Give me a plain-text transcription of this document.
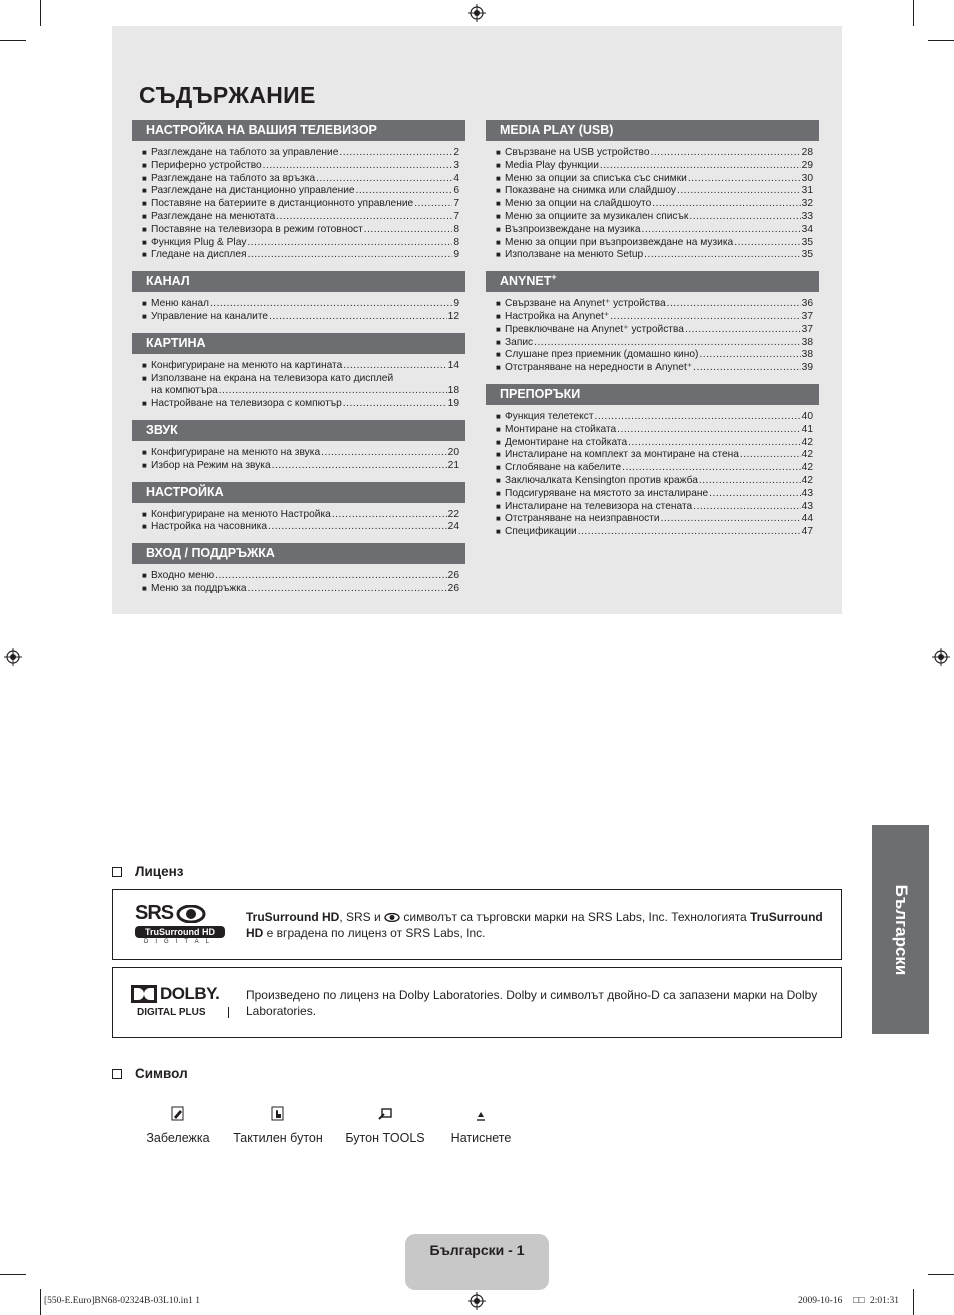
СЪДЪРЖАНИЕ
НАСТРОЙКА НА ВАШИЯ ТЕЛЕВИЗОР
■ Разглеждане на таблото за управление .....	2
■ Периферно устройство .....	3
■ Разглеждане на таблото за връзка .....	4
■ Разглеждане на дистанционно управление .....	6
■ Поставяне на батериите в дистанционното управление .....	7
■ Разглеждане на менютата .....	7
■ Поставяне на телевизора в режим готовност .....	8
■ Функция Plug & Play .....	8
■ Гледане на дисплея .....	9
КАНАЛ
■ Меню канал .....	9
■ Управление на каналите .....	12
КАРТИНА
■ Конфигуриране на менюто на картината .....	14
■ Използване на екрана на телевизора като дисплей
на компютъра .....	18
■ Настройване на телевизора с компютър .....	19
ЗВУК
■ Конфигуриране на менюто на звука .....	20
■ Избор на Режим на звука .....	21
НАСТРОЙКА
■ Конфигуриране на менюто Настройка .....	22
■ Настройка на часовника .....	24
ВХОД / ПОДДРЪЖКА
■ Входно меню .....	26
■ Меню за поддръжка .....	26
MEDIA PLAY (USB)
■ Свързване на USB устройство .....	28
■ Media Play функции .....	29
■ Меню за опции за списъка със снимки .....	30
■ Показване на снимка или слайдшоу .....	31
■ Меню за опции на слайдшоуто .....	32
■ Меню за опциите за музикален списък .....	33
■ Възпроизвеждане на музика .....	34
■ Меню за опции при възпроизвеждане на музика .....	35
■ Използване на менюто Setup .....	35
ANYNET+
■ Свързване на Anynet⁺ устройства .....	36
■ Настройка на Anynet⁺ .....	37
■ Превключване на Anynet⁺ устройства .....	37
■ Запис .....	38
■ Слушане през приемник (домашно кино) .....	38
■ Отстраняване на нередности в Anynet⁺ .....	39
ПРЕПОРЪКИ
■ Функция телетекст .....	40
■ Монтиране на стойката .....	41
■ Демонтиране на стойката .....	42
■ Инсталиране на комплект за монтиране на стена .....	42
■ Сглобяване на кабелите .....	42
■ Заключалката Kensington против кражба .....	42
■ Подсигуряване на мястото за инсталиране .....	43
■ Инсталиране на телевизора на стената .....	43
■ Отстраняване на неизправности .....	44
■ Спецификации .....	47
Български
Лиценз
SRS
TruSurround HD
DIGITAL
TruSurround HD, SRS и  символът са търговски марки на SRS Labs, Inc. Технологията TruSurround HD е вградена по лиценз от SRS Labs, Inc.
DOLBY.
DIGITAL PLUS
Произведено по лиценз на Dolby Laboratories. Dolby и символът двойно-D са запазени марки на Dolby Laboratories.
Символ
Забележка Тактилен бутон Бутон TOOLS Натиснете
Български - 1
[550-E.Euro]BN68-02324B-03L10.in1 1	2009-10-16 □□ 2:01:31
